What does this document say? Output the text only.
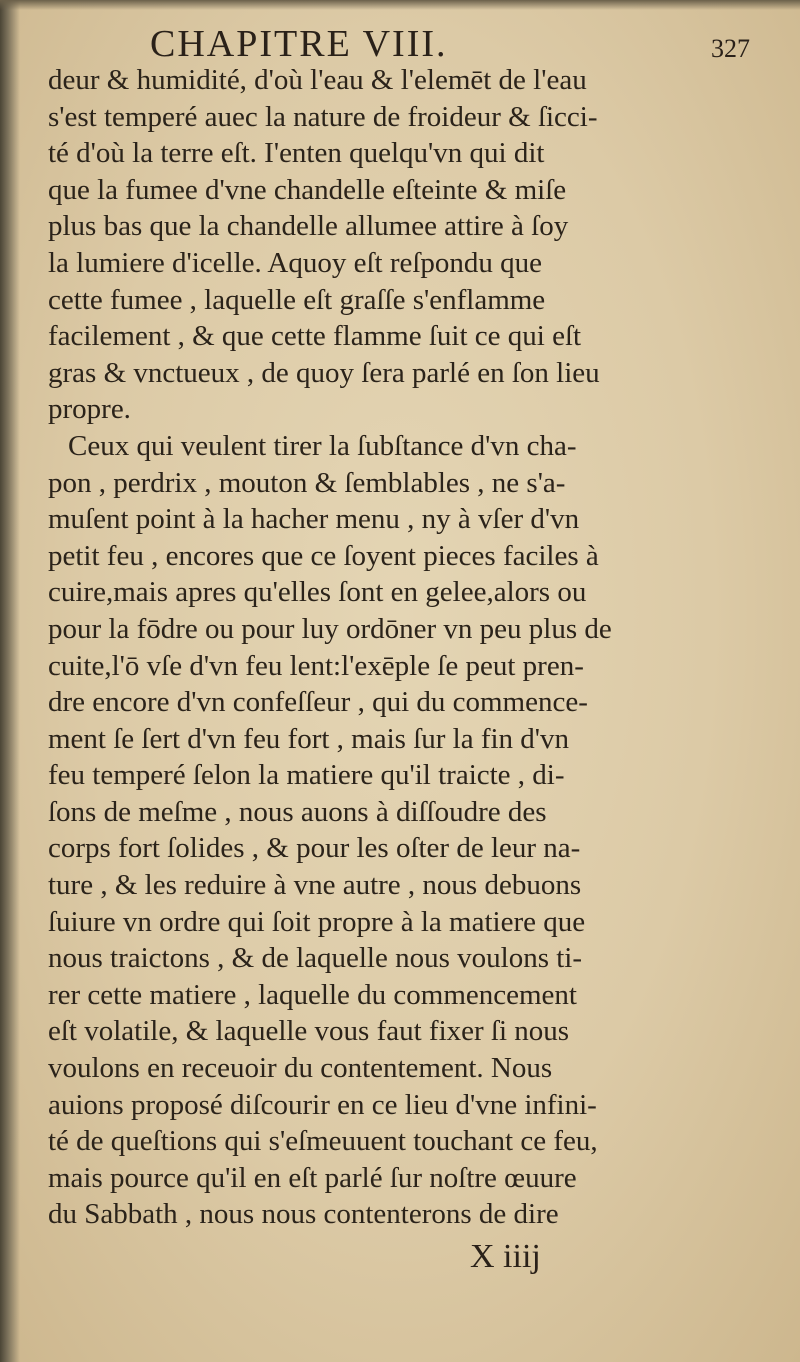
CHAPITRE VIII.	327
deur & humidité, d'où l'eau & l'elemēt de l'eau
s'est temperé auec la nature de froideur & ſicci-
té d'où la terre eſt. I'enten quelqu'vn qui dit
que la fumee d'vne chandelle eſteinte & miſe
plus bas que la chandelle allumee attire à ſoy
la lumiere d'icelle. Aquoy eſt reſpondu que
cette fumee , laquelle eſt graſſe s'enflamme
facilement , & que cette flamme ſuit ce qui eſt
gras & vnctueux , de quoy ſera parlé en ſon lieu
propre.
Ceux qui veulent tirer la ſubſtance d'vn cha-
pon , perdrix , mouton & ſemblables , ne s'a-
muſent point à la hacher menu , ny à vſer d'vn
petit feu , encores que ce ſoyent pieces faciles à
cuire,mais apres qu'elles ſont en gelee,alors ou
pour la fōdre ou pour luy ordōner vn peu plus de
cuite,l'ō vſe d'vn feu lent:l'exēple ſe peut pren-
dre encore d'vn confeſſeur , qui du commence-
ment ſe ſert d'vn feu fort , mais ſur la fin d'vn
feu temperé ſelon la matiere qu'il traicte , di-
ſons de meſme , nous auons à diſſoudre des
corps fort ſolides , & pour les oſter de leur na-
ture , & les reduire à vne autre , nous debuons
ſuiure vn ordre qui ſoit propre à la matiere que
nous traictons , & de laquelle nous voulons ti-
rer cette matiere , laquelle du commencement
eſt volatile, & laquelle vous faut fixer ſi nous
voulons en receuoir du contentement. Nous
auions proposé diſcourir en ce lieu d'vne infini-
té de queſtions qui s'eſmeuuent touchant ce feu,
mais pource qu'il en eſt parlé ſur noſtre œuure
du Sabbath , nous nous contenterons de dire
X iiij
